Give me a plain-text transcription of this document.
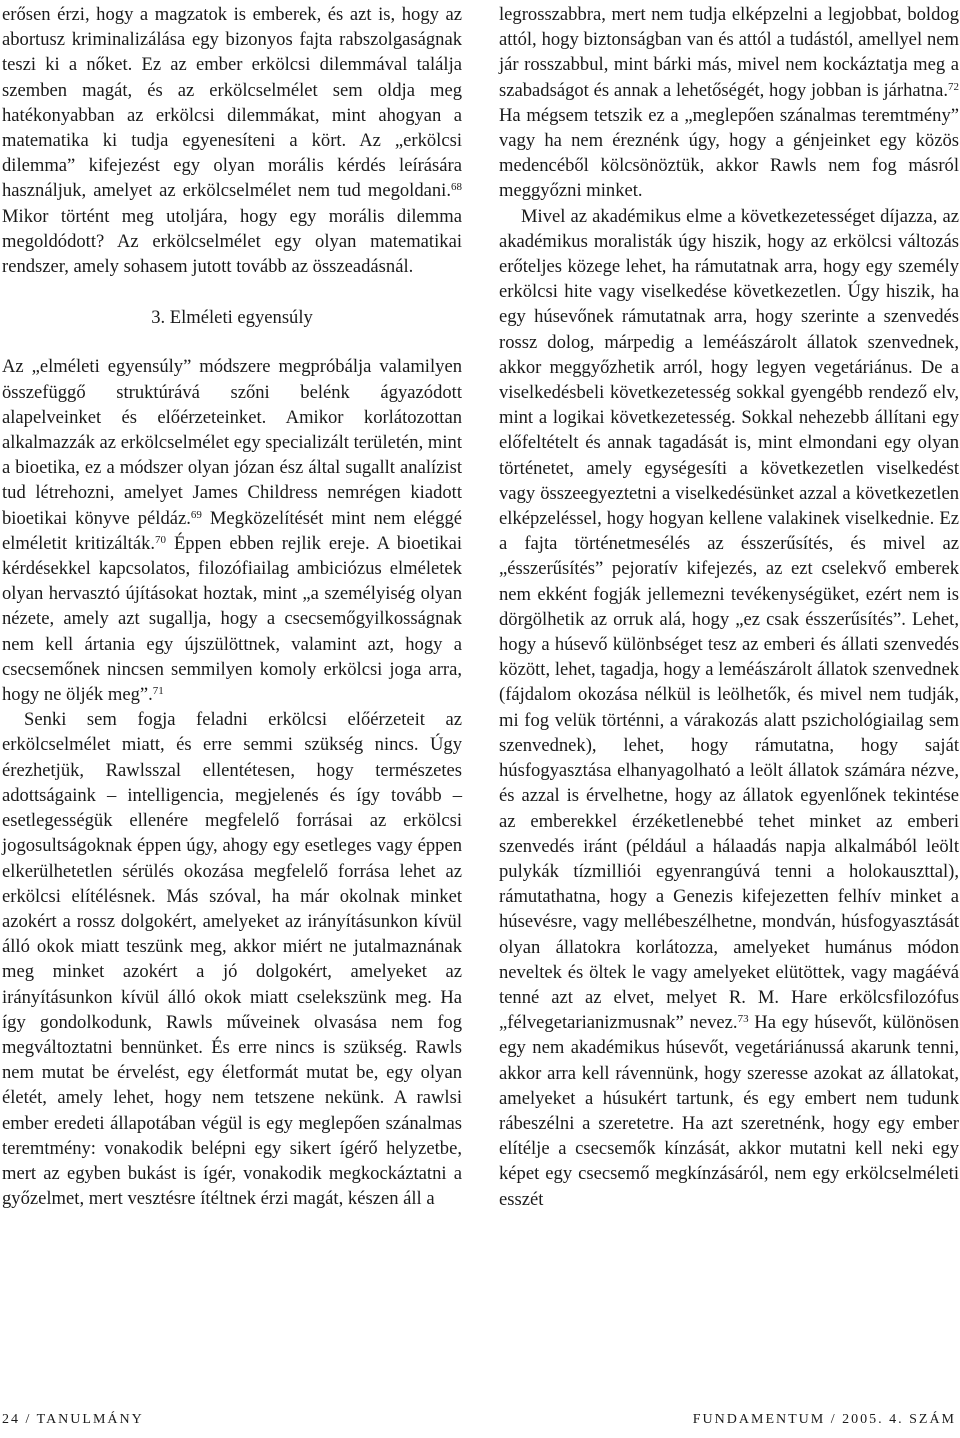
erősen érzi, hogy a magzatok is emberek, és azt is, hogy az abortusz kriminalizálása egy bizonyos fajta rabszolgaságnak teszi ki a nőket. Ez az ember erkölcsi dilemmával találja szemben magát, és az erkölcselmélet sem oldja meg hatékonyabban az erkölcsi dilemmákat, mint ahogyan a matematika ki tudja egyenesíteni a kört. Az „erkölcsi dilemma” kifejezést egy olyan morális kérdés leírására használjuk, amelyet az erkölcselmélet nem tud megoldani.$^{68}$ Mikor történt meg utoljára, hogy egy morális dilemma megoldódott? Az erkölcselmélet egy olyan matematikai rendszer, amely sohasem jutott tovább az összeadásnál.

3. Elméleti egyensúly

Az „elméleti egyensúly” módszere megpróbálja valamilyen összefüggő struktúrává szőni belénk ágyazódott alapelveinket és előérzeteinket. Amikor korlátozottan alkalmazzák az erkölcselmélet egy specializált területén, mint a bioetika, ez a módszer olyan józan ész által sugallt analízist tud létrehozni, amelyet James Childress nemrégen kiadott bioetikai könyve példáz.$^{69}$ Megközelítését mint nem eléggé elméletit kritizálták.$^{70}$ Éppen ebben rejlik ereje. A bioetikai kérdésekkel kapcsolatos, filozófiailag ambiciózus elméletek olyan hervasztó újításokat hoztak, mint „a személyiség olyan nézete, amely azt sugallja, hogy a csecsemőgyilkosságnak nem kell ártania egy újszülöttnek, valamint azt, hogy a csecsemőnek nincsen semmilyen komoly erkölcsi joga arra, hogy ne öljék meg”.$^{71}$

Senki sem fogja feladni erkölcsi előérzeteit az erkölcselmélet miatt, és erre semmi szükség nincs. Úgy érezhetjük, Rawlsszal ellentétesen, hogy természetes adottságaink – intelligencia, megjelenés és így tovább – esetlegességük ellenére megfelelő forrásai az erkölcsi jogosultságoknak éppen úgy, ahogy egy esetleges vagy éppen elkerülhetetlen sérülés okozása megfelelő forrása lehet az erkölcsi elítélésnek. Más szóval, ha már okolnak minket azokért a rossz dolgokért, amelyeket az irányításunkon kívül álló okok miatt teszünk meg, akkor miért ne jutalmaznának meg minket azokért a jó dolgokért, amelyeket az irányításunkon kívül álló okok miatt cselekszünk meg. Ha így gondolkodunk, Rawls műveinek olvasása nem fog megváltoztatni bennünket. És erre nincs is szükség. Rawls nem mutat be érvelést, egy életformát mutat be, egy olyan életét, amely lehet, hogy nem tetszene nekünk. A rawlsi ember eredeti állapotában végül is egy meglepően szánalmas teremtmény: vonakodik belépni egy sikert ígérő helyzetbe, mert az egyben bukást is ígér, vonakodik megkockáztatni a győzelmet, mert vesztésre ítéltnek érzi magát, készen áll a

legrosszabbra, mert nem tudja elképzelni a legjobbat, boldog attól, hogy biztonságban van és attól a tudástól, amellyel nem jár rosszabbul, mint bárki más, mivel nem kockáztatja meg a szabadságot és annak a lehetőségét, hogy jobban is járhatna.$^{72}$ Ha mégsem tetszik ez a „meglepően szánalmas teremtmény” vagy ha nem éreznénk úgy, hogy a génjeinket egy közös medencéből kölcsönöztük, akkor Rawls nem fog másról meggyőzni minket.

Mivel az akadémikus elme a következetességet díjazza, az akadémikus moralisták úgy hiszik, hogy az erkölcsi változás erőteljes közege lehet, ha rámutatnak arra, hogy egy személy erkölcsi hite vagy viselkedése következetlen. Úgy hiszik, ha egy húsevőnek rámutatnak arra, hogy szerinte a szenvedés rossz dolog, márpedig a leméászárolt állatok szenvednek, akkor meggyőzhetik arról, hogy legyen vegetáriánus. De a viselkedésbeli következetesség sokkal gyengébb rendező elv, mint a logikai következetesség. Sokkal nehezebb állítani egy előfeltételt és annak tagadását is, mint elmondani egy olyan történetet, amely egységesíti a következetlen viselkedést vagy összeegyeztetni a viselkedésünket azzal a következetlen elképzeléssel, hogy hogyan kellene valakinek viselkednie. Ez a fajta történetmesélés az ésszerűsítés, és mivel az „ésszerűsítés” pejoratív kifejezés, az ezt cselekvő emberek nem ekként fogják jellemezni tevékenységüket, ezért nem is dörgölhetik az orruk alá, hogy „ez csak ésszerűsítés”. Lehet, hogy a húsevő különbséget tesz az emberi és állati szenvedés között, lehet, tagadja, hogy a leméászárolt állatok szenvednek (fájdalom okozása nélkül is leölhetők, és mivel nem tudják, mi fog velük történni, a várakozás alatt pszichológiailag sem szenvednek), lehet, hogy rámutatna, hogy saját húsfogyasztása elhanyagolható a leölt állatok számára nézve, és azzal is érvelhetne, hogy az állatok egyenlőnek tekintése az emberekkel érzéketlenebbé tehet minket az emberi szenvedés iránt (például a hálaadás napja alkalmából leölt pulykák tízmilliói egyenrangúvá tenni a holokauszttal), rámutathatna, hogy a Genezis kifejezetten felhív minket a húsevésre, vagy mellébeszélhetne, mondván, húsfogyasztását olyan állatokra korlátozza, amelyeket humánus módon neveltek és öltek le vagy amelyeket elütöttek, vagy magáévá tenné azt az elvet, melyet R. M. Hare erkölcsfilozófus „félvegetarianizmusnak” nevez.$^{73}$ Ha egy húsevőt, különösen egy nem akadémikus húsevőt, vegetáriánussá akarunk tenni, akkor arra kell rávennünk, hogy szeresse azokat az állatokat, amelyeket a húsukért tartunk, és egy embert nem tudunk rábeszélni a szeretetre. Ha azt szeretnénk, hogy egy ember elítélje a csecsemők kínzását, akkor mutatni kell neki egy képet egy csecsemő megkínzásáról, nem egy erkölcselméleti esszét

24 / TANULMÁNY	FUNDAMENTUM / 2005. 4. SZÁM
